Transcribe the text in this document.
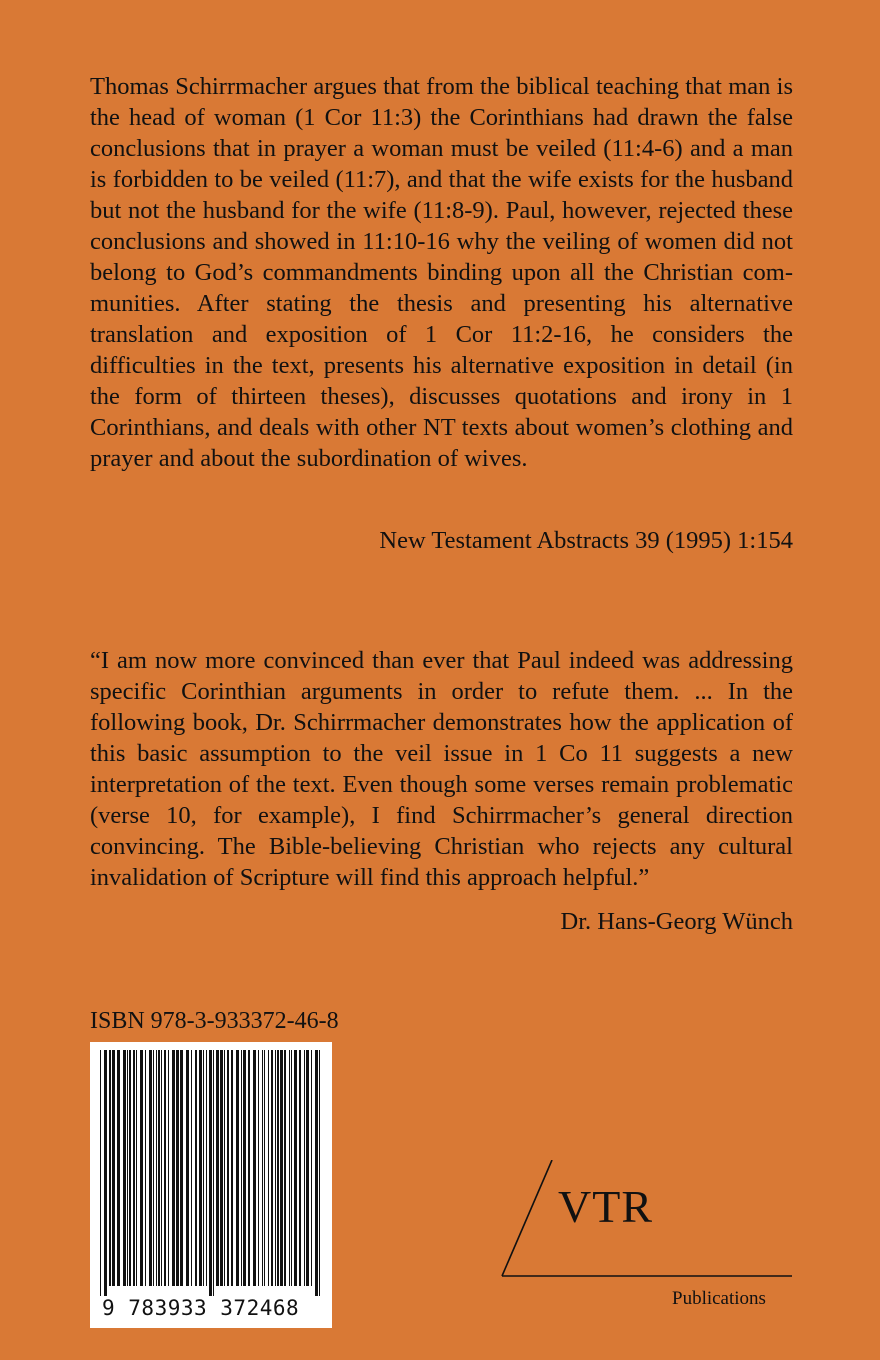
Thomas Schirrmacher argues that from the biblical teaching that man is the head of woman (1 Cor 11:3) the Corinthians had drawn the false conclusions that in prayer a woman must be veiled (11:4-6) and a man is forbidden to be veiled (11:7), and that the wife exists for the husband but not the husband for the wife (11:8-9). Paul, however, rejected these conclusions and showed in 11:10-16 why the veiling of women did not belong to God’s commandments binding upon all the Christian communities. After stating the thesis and presenting his alternative translation and exposition of 1 Cor 11:2-16, he considers the difficulties in the text, presents his alternative exposition in detail (in the form of thirteen theses), discusses quotations and irony in 1 Corinthians, and deals with other NT texts about women’s clothing and prayer and about the subordination of wives.

New Testament Abstracts 39 (1995) 1:154

“I am now more convinced than ever that Paul indeed was addressing specific Corinthian arguments in order to refute them. ... In the following book, Dr. Schirrmacher demonstrates how the application of this basic assumption to the veil issue in 1 Co 11 suggests a new interpretation of the text. Even though some verses remain problematic (verse 10, for example), I find Schirrmacher’s general direction convincing. The Bible-believing Christian who rejects any cultural invalidation of Scripture will find this approach helpful.”

Dr. Hans-Georg Wünch
ISBN 978-3-933372-46-8
9 783933 372468
VTR
Publications
